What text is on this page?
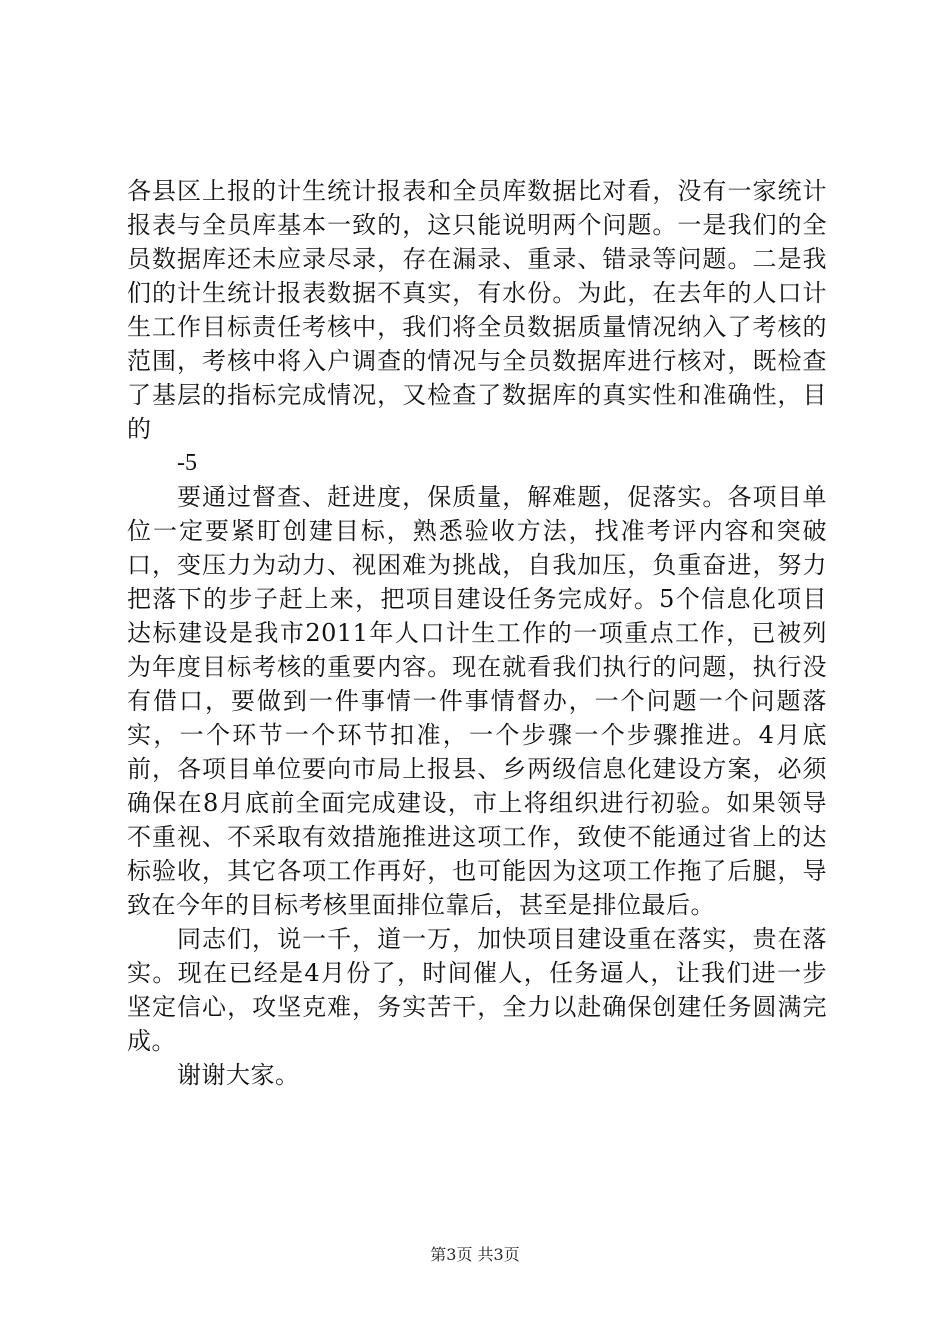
各县区上报的计生统计报表和全员库数据比对看，没有一家统计报表与全员库基本一致的，这只能说明两个问题。一是我们的全员数据库还未应录尽录，存在漏录、重录、错录等问题。二是我们的计生统计报表数据不真实，有水份。为此，在去年的人口计生工作目标责任考核中，我们将全员数据质量情况纳入了考核的范围，考核中将入户调查的情况与全员数据库进行核对，既检查了基层的指标完成情况，又检查了数据库的真实性和准确性，目的

-5

要通过督查、赶进度，保质量，解难题，促落实。各项目单位一定要紧盯创建目标，熟悉验收方法，找准考评内容和突破口，变压力为动力、视困难为挑战，自我加压，负重奋进，努力把落下的步子赶上来，把项目建设任务完成好。5个信息化项目达标建设是我市2011年人口计生工作的一项重点工作，已被列为年度目标考核的重要内容。现在就看我们执行的问题，执行没有借口，要做到一件事情一件事情督办，一个问题一个问题落实，一个环节一个环节扣准，一个步骤一个步骤推进。4月底前，各项目单位要向市局上报县、乡两级信息化建设方案，必须确保在8月底前全面完成建设，市上将组织进行初验。如果领导不重视、不采取有效措施推进这项工作，致使不能通过省上的达标验收，其它各项工作再好，也可能因为这项工作拖了后腿，导致在今年的目标考核里面排位靠后，甚至是排位最后。

同志们，说一千，道一万，加快项目建设重在落实，贵在落实。现在已经是4月份了，时间催人，任务逼人，让我们进一步坚定信心，攻坚克难，务实苦干，全力以赴确保创建任务圆满完成。

谢谢大家。

第3页 共3页
